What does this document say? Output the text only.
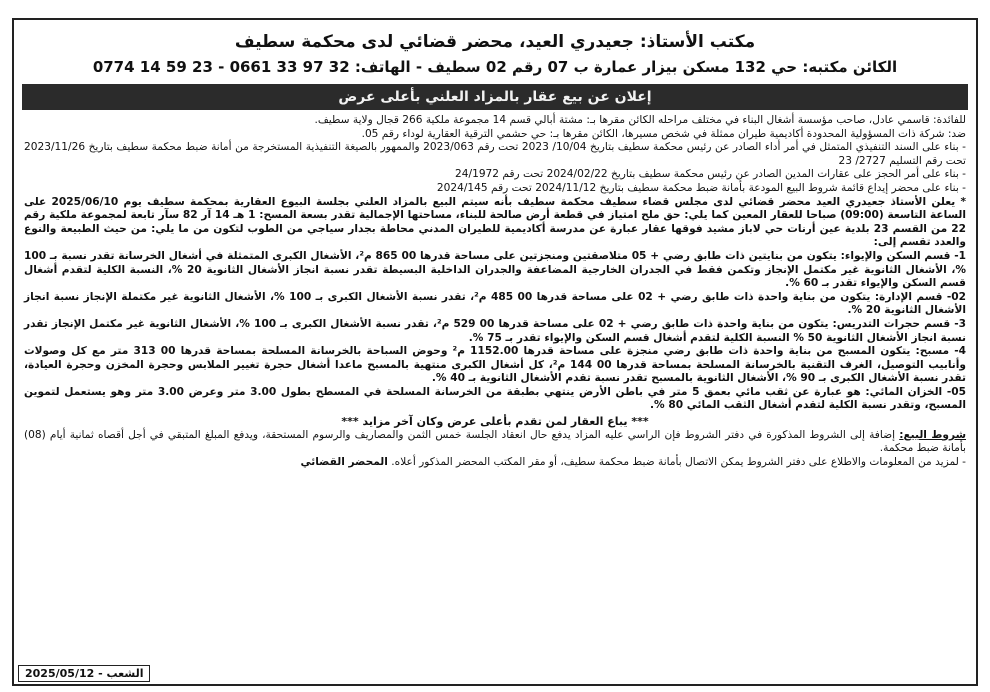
مكتب الأستاذ: جعيدري العيد، محضر قضائي لدى محكمة سطيف
الكائن مكتبه: حي 132 مسكن بيزار عمارة ب 07 رقم 02 سطيف - الهاتف: 32 97 33 0661 - 23 59 14 0774
إعلان عن بيع عقار بالمزاد العلني بأعلى عرض

للفائدة: قاسمي عادل، صاحب مؤسسة أشغال البناء في مختلف مراحله الكائن مقرها بـ: مشتة أبالي قسم 14 مجموعة ملكية 266 قجال ولاية سطيف.

ضد: شركة ذات المسؤولية المحدودة أكاديمية طيران ممثلة في شخص مسيرها، الكائن مقرها بـ: حي حشمي الترقية العقارية لوداء رقم 05.

- بناء على السند التنفيذي المتمثل في أمر أداء الصادر عن رئيس محكمة سطيف بتاريخ 10/04/ 2023 تحت رقم 2023/063 والممهور بالصيغة التنفيذية المستخرجة من أمانة ضبط محكمة سطيف بتاريخ 2023/11/26 تحت رقم التسليم 2727/ 23

- بناء على أمر الحجز على عقارات المدين الصادر عن رئيس محكمة سطيف بتاريخ 2024/02/22 تحت رقم 24/1972

- بناء على محضر إيداع قائمة شروط البيع المودعة بأمانة ضبط محكمة سطيف بتاريخ 2024/11/12 تحت رقم 2024/145

* يعلن الأستاذ جعيدري العيد محضر قضائي لدى مجلس قضاء سطيف محكمة سطيف بأنه سيتم البيع بالمزاد العلني بجلسة البيوع العقارية بمحكمة سطيف يوم 2025/06/10 على الساعة التاسعة (09:00) صباحا للعقار المعين كما يلي: حق ملح امتياز في قطعة أرض صالحة للبناء، مساحتها الإجمالية تقدر بسعة المسح: 1 هـ 14 آر 82 سآر تابعة لمجموعة ملكية رقم 22 من القسم 23 بلدية عين أرنات حي لاباز مشيد فوقها عقار عبارة عن مدرسة أكاديمية للطيران المدني محاطة بجدار سياجي من الطوب لتكون من ما يلي: من حيث الطبيعة والنوع والعدد تقسم إلى:

1- قسم السكن والإيواء: يتكون من بنايتين ذات طابق رضي + 05 متلاصقتين ومنجزتين على مساحة قدرها 00 865 م²، الأشغال الكبرى المتمثلة في أشغال الخرسانة تقدر نسبة بـ 100 %، الأشغال الثانوية غير مكتمل الإنجاز وتكمن فقط في الجدران الخارجية المضاعفة والجدران الداخلية البسيطة تقدر نسبة انجاز الأشغال الثانوية 20 %، النسبة الكلية لتقدم أشغال قسم السكن والإيواء تقدر بـ 60 %.

02- قسم الإدارة: يتكون من بناية واحدة ذات طابق رضي + 02 على مساحة قدرها 00 485 م²، تقدر نسبة الأشغال الكبرى بـ 100 %، الأشغال الثانوية غير مكتملة الإنجاز نسبة انجاز الأشغال الثانوية 20 %.

3- قسم حجرات التدريس: يتكون من بناية واحدة ذات طابق رضي + 02 على مساحة قدرها 00 529 م²، تقدر نسبة الأشغال الكبرى بـ 100 %، الأشغال الثانوية غير مكتمل الإنجاز تقدر نسبة انجاز الأشغال الثانوية 50 % النسبة الكلية لتقدم أشغال قسم السكن والإيواء تقدر بـ 75 %.

4- مسبح: يتكون المسبح من بناية واحدة ذات طابق رضي منجزة على مساحة قدرها 1152.00 م² وحوض السباحة بالخرسانة المسلحة بمساحة قدرها 00 313 متر مع كل وصولات وأنابيب التوصيل، الغرف التقنية بالخرسانة المسلحة بمساحة قدرها 00 144 م²، كل أشغال الكبرى منتهية بالمسبح ماعدا أشغال حجرة تغيير الملابس وحجرة المخزن وحجرة العيادة، تقدر نسبة الأشغال الكبرى بـ 90 %، الأشغال الثانوية بالمسبح تقدر نسبة تقدم الأشغال الثانوية بـ 40 %.

05- الخزان المائي: هو عبارة عن ثقب مائي بعمق 5 متر في باطن الأرض ينتهي بطبقة من الخرسانة المسلحة في المسطح بطول 3.00 متر وعرض 3.00 متر وهو يستعمل لتموين المسبح، وتقدر نسبة الكلية لتقدم أشغال الثقب المائي 80 %.

*** يباع العقار لمن تقدم بأعلى عرض وكان آخر مزايد ***

شروط البيع: إضافة إلى الشروط المذكورة في دفتر الشروط فإن الراسي عليه المزاد يدفع حال انعقاد الجلسة خمس الثمن والمصاريف والرسوم المستحقة، ويدفع المبلغ المتبقي في أجل أقصاه ثمانية أيام (08) بأمانة ضبط محكمة.

- لمزيد من المعلومات والاطلاع على دفتر الشروط يمكن الاتصال بأمانة ضبط محكمة سطيف، أو مقر المكتب المحضر المذكور أعلاه. المحضر القضائي

الشعب - 2025/05/12
